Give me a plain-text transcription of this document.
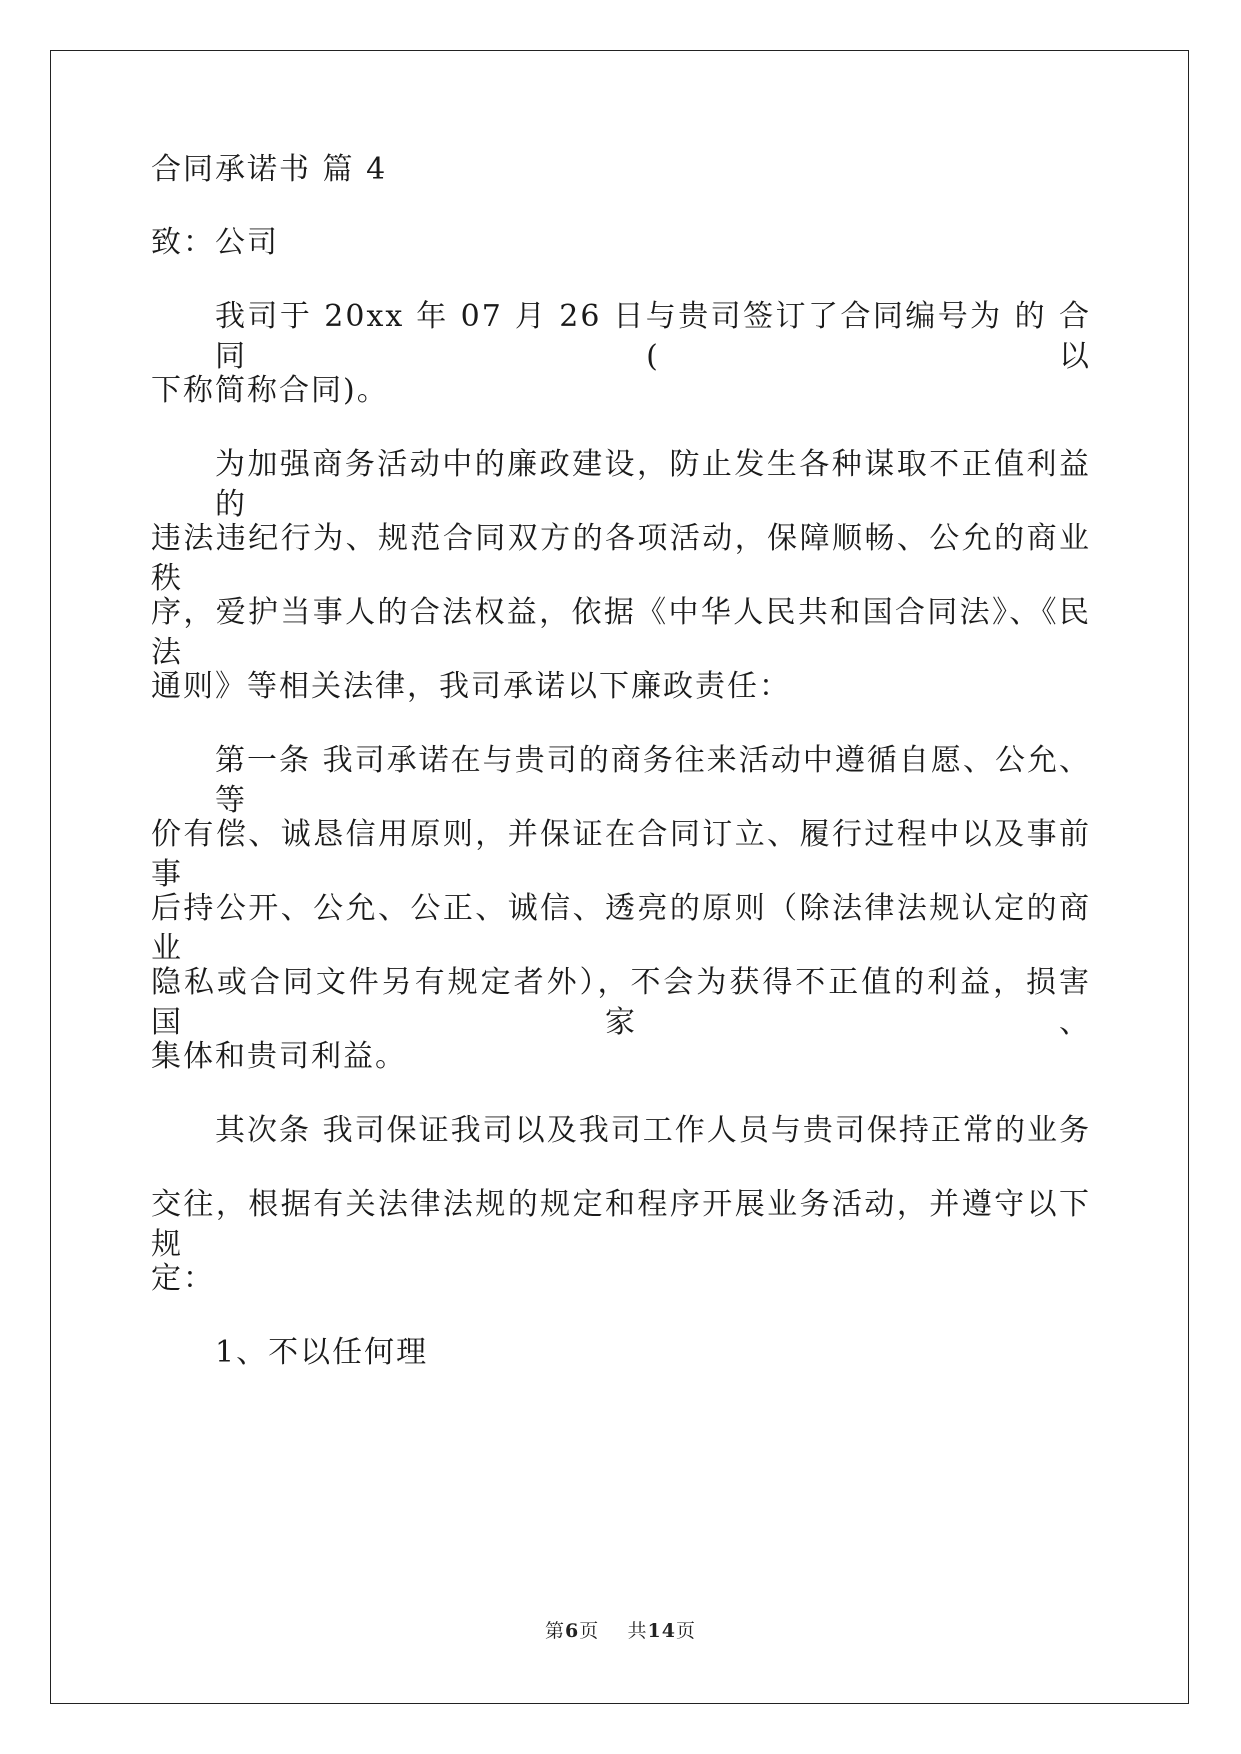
合同承诺书 篇 4
致：公司
我司于 20xx 年 07 月 26 日与贵司签订了合同编号为 的 合同(以
下称简称合同)。
为加强商务活动中的廉政建设，防止发生各种谋取不正值利益的
违法违纪行为、规范合同双方的各项活动，保障顺畅、公允的商业秩
序，爱护当事人的合法权益，依据《中华人民共和国合同法》、《民法
通则》等相关法律，我司承诺以下廉政责任：
第一条 我司承诺在与贵司的商务往来活动中遵循自愿、公允、等
价有偿、诚恳信用原则，并保证在合同订立、履行过程中以及事前事
后持公开、公允、公正、诚信、透亮的原则（除法律法规认定的商业
隐私或合同文件另有规定者外），不会为获得不正值的利益，损害国家、
集体和贵司利益。
其次条 我司保证我司以及我司工作人员与贵司保持正常的业务
交往，根据有关法律法规的规定和程序开展业务活动，并遵守以下规
定：
1、不以任何理
第6页 共14页
